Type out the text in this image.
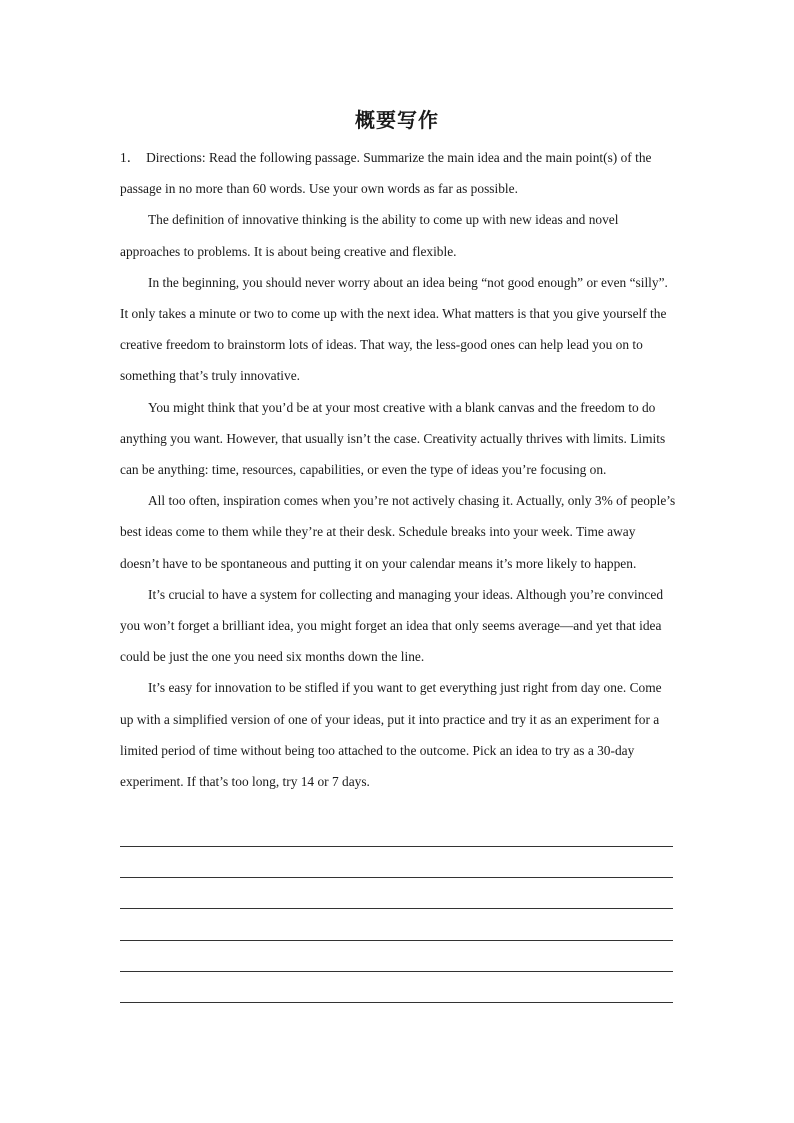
概要写作

1． Directions: Read the following passage. Summarize the main idea and the main point(s) of the passage in no more than 60 words. Use your own words as far as possible.

The definition of innovative thinking is the ability to come up with new ideas and novel approaches to problems. It is about being creative and flexible.

In the beginning, you should never worry about an idea being “not good enough” or even “silly”. It only takes a minute or two to come up with the next idea. What matters is that you give yourself the creative freedom to brainstorm lots of ideas. That way, the less-good ones can help lead you on to something that’s truly innovative.

You might think that you’d be at your most creative with a blank canvas and the freedom to do anything you want. However, that usually isn’t the case. Creativity actually thrives with limits. Limits can be anything: time, resources, capabilities, or even the type of ideas you’re focusing on.

All too often, inspiration comes when you’re not actively chasing it. Actually, only 3% of people’s best ideas come to them while they’re at their desk. Schedule breaks into your week. Time away doesn’t have to be spontaneous and putting it on your calendar means it’s more likely to happen.

It’s crucial to have a system for collecting and managing your ideas. Although you’re convinced you won’t forget a brilliant idea, you might forget an idea that only seems average—and yet that idea could be just the one you need six months down the line.

It’s easy for innovation to be stifled if you want to get everything just right from day one. Come up with a simplified version of one of your ideas, put it into practice and try it as an experiment for a limited period of time without being too attached to the outcome. Pick an idea to try as a 30-day experiment. If that’s too long, try 14 or 7 days.
